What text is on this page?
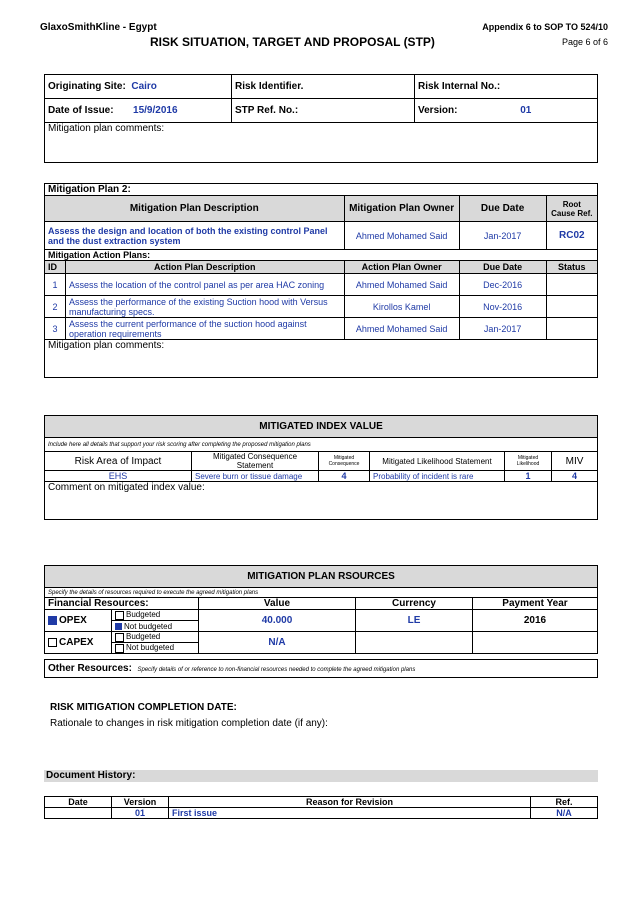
GlaxoSmithKline - Egypt	Appendix 6 to SOP TO 524/10
RISK SITUATION, TARGET AND PROPOSAL (STP)	Page 6 of 6
Originating Site: Cairo	Risk Identifier.	Risk Internal No.:
Date of Issue: 15/9/2016	STP Ref. No.:	Version: 01
Mitigation plan comments:		
Mitigation Plan 2:				
Mitigation Plan Description		Mitigation Plan Owner	Due Date	Root Cause Ref.
Assess the design and location of both the existing control Panel and the dust extraction system		Ahmed Mohamed Said	Jan-2017	RC02
Mitigation Action Plans:				
ID	Action Plan Description	Action Plan Owner	Due Date	Status
1	Assess the location of the control panel as per area HAC zoning	Ahmed Mohamed Said	Dec-2016	
2	Assess the performance of the existing Suction hood with Versus manufacturing specs.	Kirollos Kamel	Nov-2016	
3	Assess the current performance of the suction hood against operation requirements	Ahmed Mohamed Said	Jan-2017	
Mitigation plan comments:				
MITIGATED INDEX VALUE					
Include here all details that support your risk scoring after completing the proposed mitigation plans					
Risk Area of Impact	Mitigated Consequence Statement	Mitigated Consequence	Mitigated Likelihood Statement	Mitigated Likelihood	MIV
EHS	Severe burn or tissue damage	4	Probability of incident is rare	1	4
Comment on mitigated index value:					
MITIGATION PLAN RSOURCES				
Specify the details of resources required to execute the agreed mitigation plans				
Financial Resources:		Value	Currency	Payment Year
OPEX	Budgeted	40.000	LE	2016
	Not budgeted			
CAPEX	Budgeted	N/A		
	Not budgeted			

Other Resources: Specify details of or reference to non-financial resources needed to complete the agreed mitigation plans				
RISK MITIGATION COMPLETION DATE:
Rationale to changes in risk mitigation completion date (if any):
Document History:
Date	Version	Reason for Revision	Ref.
	01	First issue	N/A
